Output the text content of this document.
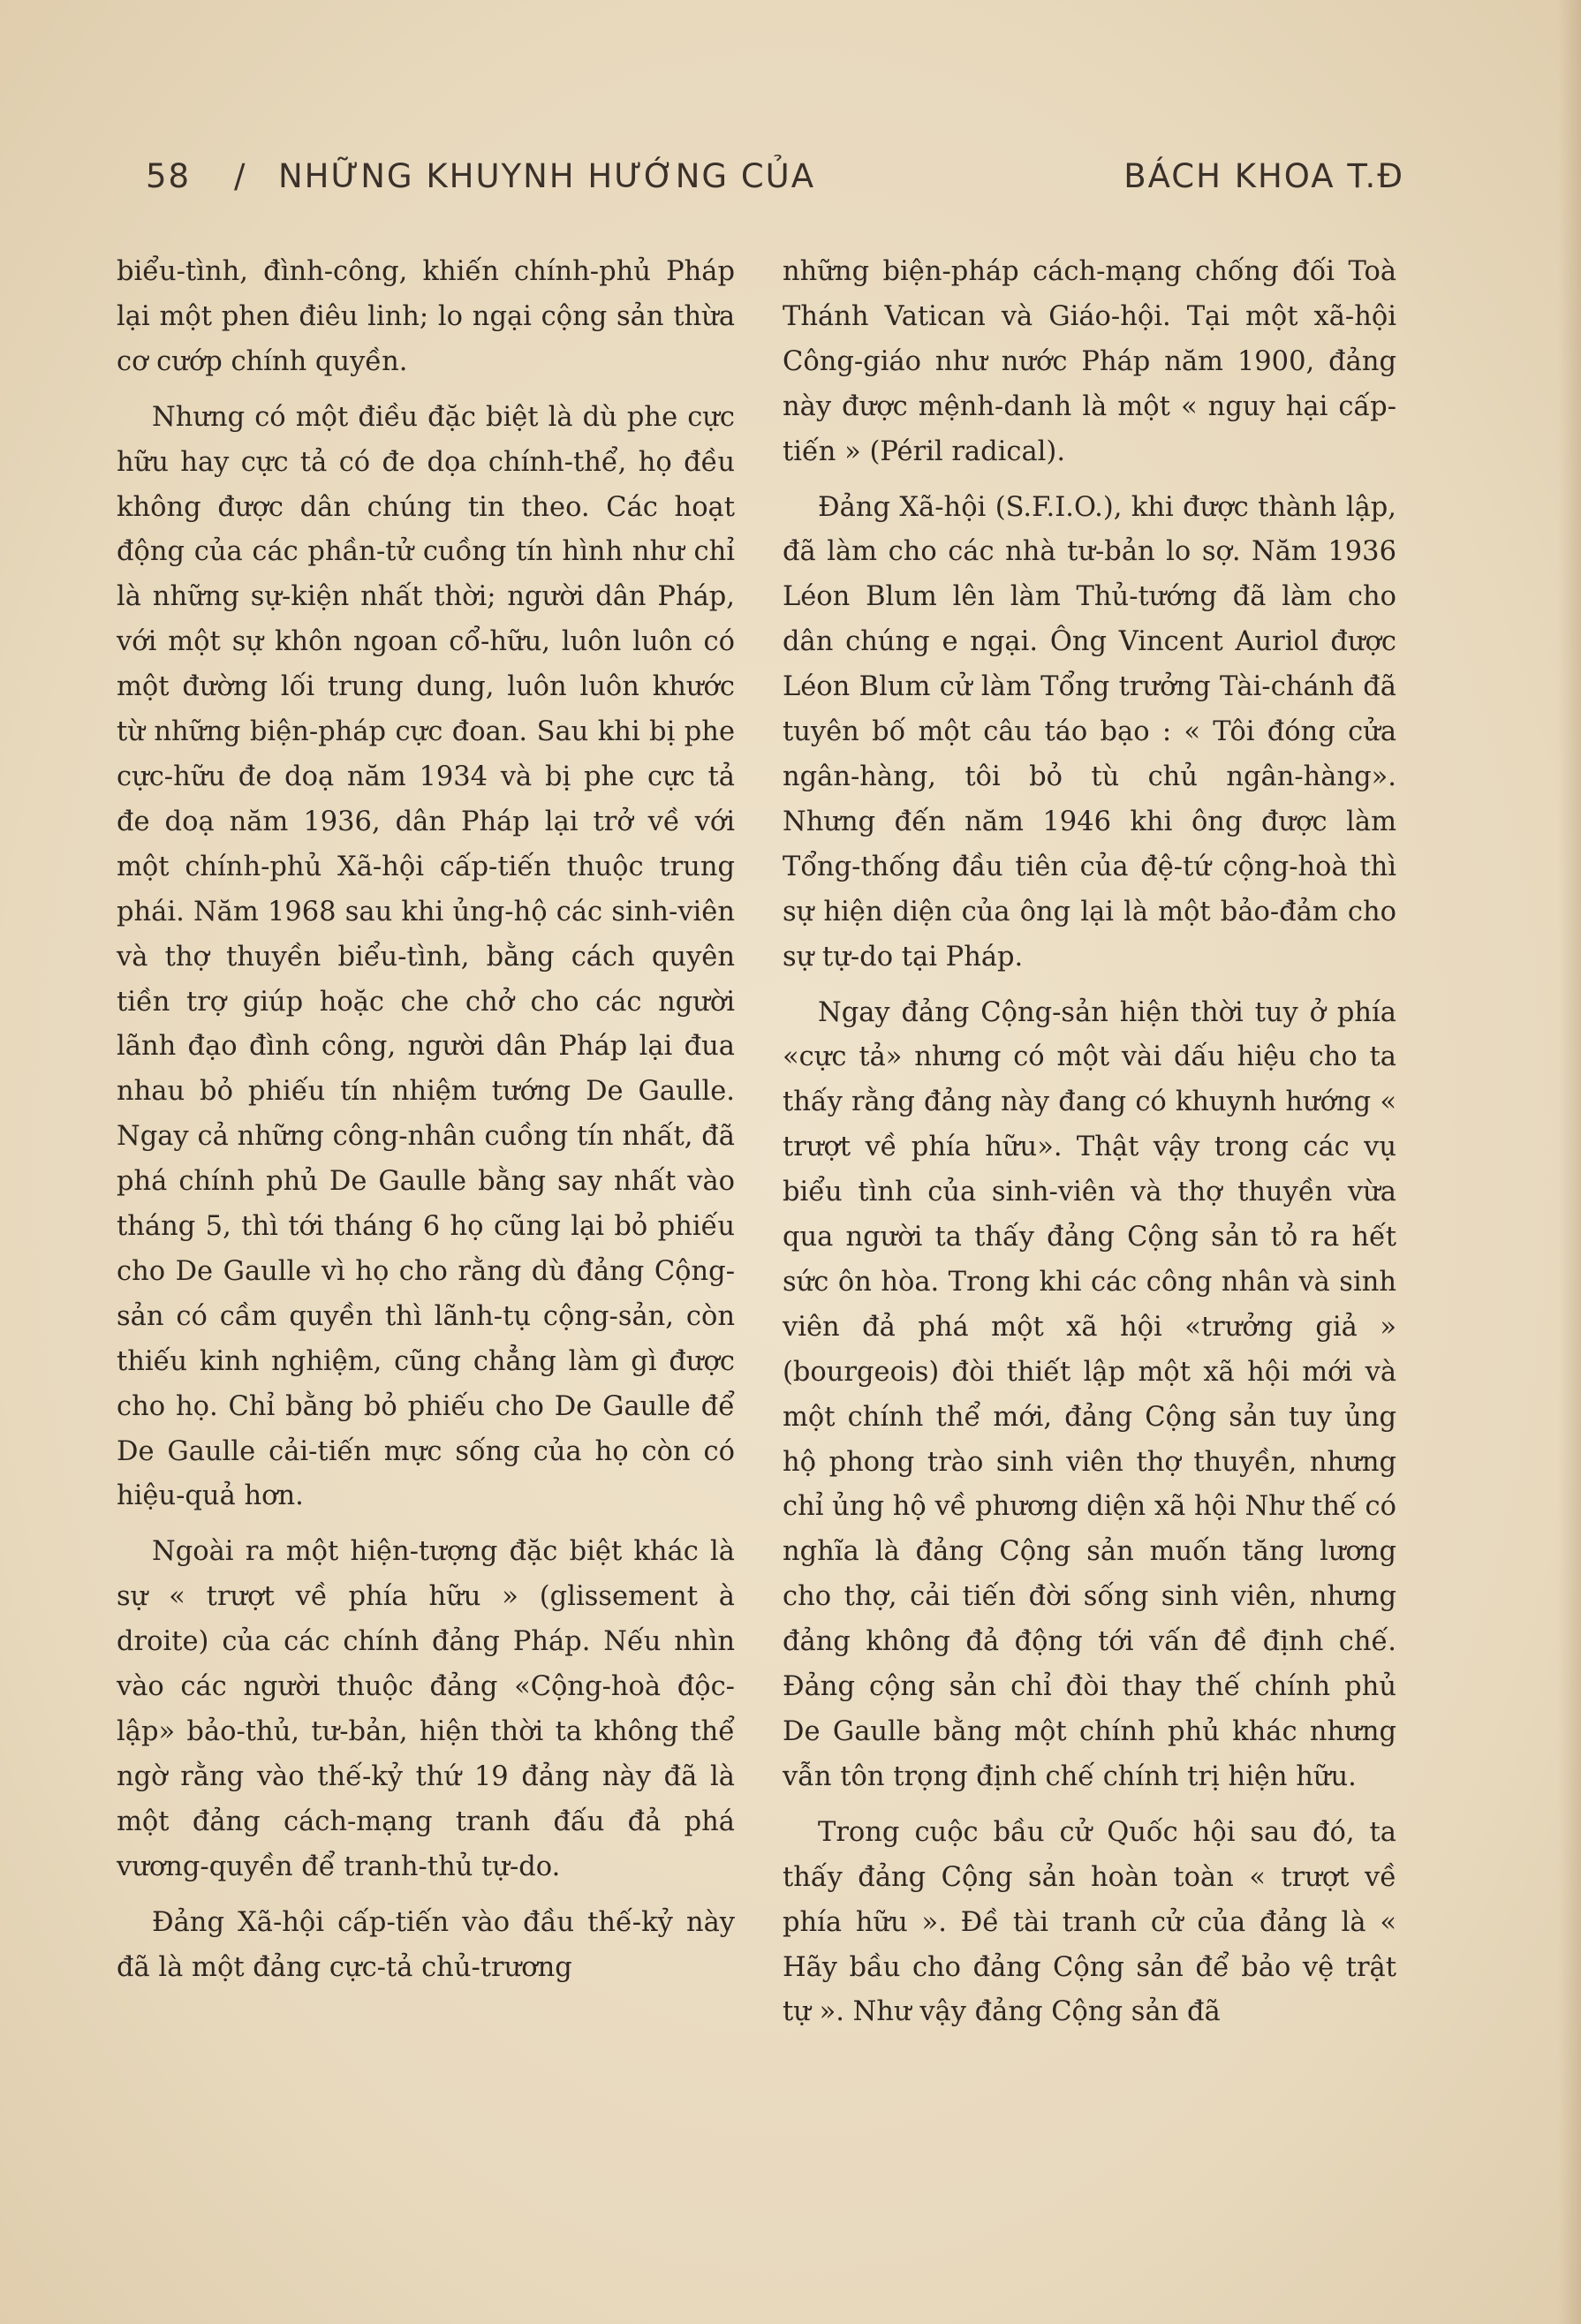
58 / NHỮNG KHUYNH HƯỚNG CỦA	BÁCH KHOA T.Đ

biểu-tình, đình-công, khiến chính-phủ Pháp lại một phen điêu linh; lo ngại cộng sản thừa cơ cướp chính quyền.

Nhưng có một điều đặc biệt là dù phe cực hữu hay cực tả có đe dọa chính-thể, họ đều không được dân chúng tin theo. Các hoạt động của các phần-tử cuồng tín hình như chỉ là những sự-kiện nhất thời; người dân Pháp, với một sự khôn ngoan cổ-hữu, luôn luôn có một đường lối trung dung, luôn luôn khước từ những biện-pháp cực đoan. Sau khi bị phe cực-hữu đe doạ năm 1934 và bị phe cực tả đe doạ năm 1936, dân Pháp lại trở về với một chính-phủ Xã-hội cấp-tiến thuộc trung phái. Năm 1968 sau khi ủng-hộ các sinh-viên và thợ thuyền biểu-tình, bằng cách quyên tiền trợ giúp hoặc che chở cho các người lãnh đạo đình công, người dân Pháp lại đua nhau bỏ phiếu tín nhiệm tướng De Gaulle. Ngay cả những công-nhân cuồng tín nhất, đã phá chính phủ De Gaulle bằng say nhất vào tháng 5, thì tới tháng 6 họ cũng lại bỏ phiếu cho De Gaulle vì họ cho rằng dù đảng Cộng-sản có cầm quyền thì lãnh-tụ cộng-sản, còn thiếu kinh nghiệm, cũng chẳng làm gì được cho họ. Chỉ bằng bỏ phiếu cho De Gaulle để De Gaulle cải-tiến mực sống của họ còn có hiệu-quả hơn.

Ngoài ra một hiện-tượng đặc biệt khác là sự « trượt về phía hữu » (glissement à droite) của các chính đảng Pháp. Nếu nhìn vào các người thuộc đảng «Cộng-hoà độc-lập» bảo-thủ, tư-bản, hiện thời ta không thể ngờ rằng vào thế-kỷ thứ 19 đảng này đã là một đảng cách-mạng tranh đấu đả phá vương-quyền để tranh-thủ tự-do.

Đảng Xã-hội cấp-tiến vào đầu thế-kỷ này đã là một đảng cực-tả chủ-trương

những biện-pháp cách-mạng chống đối Toà Thánh Vatican và Giáo-hội. Tại một xã-hội Công-giáo như nước Pháp năm 1900, đảng này được mệnh-danh là một « nguy hại cấp-tiến » (Péril radical).

Đảng Xã-hội (S.F.I.O.), khi được thành lập, đã làm cho các nhà tư-bản lo sợ. Năm 1936 Léon Blum lên làm Thủ-tướng đã làm cho dân chúng e ngại. Ông Vincent Auriol được Léon Blum cử làm Tổng trưởng Tài-chánh đã tuyên bố một câu táo bạo : « Tôi đóng cửa ngân-hàng, tôi bỏ tù chủ ngân-hàng». Nhưng đến năm 1946 khi ông được làm Tổng-thống đầu tiên của đệ-tứ cộng-hoà thì sự hiện diện của ông lại là một bảo-đảm cho sự tự-do tại Pháp.

Ngay đảng Cộng-sản hiện thời tuy ở phía «cực tả» nhưng có một vài dấu hiệu cho ta thấy rằng đảng này đang có khuynh hướng « trượt về phía hữu». Thật vậy trong các vụ biểu tình của sinh-viên và thợ thuyền vừa qua người ta thấy đảng Cộng sản tỏ ra hết sức ôn hòa. Trong khi các công nhân và sinh viên đả phá một xã hội «trưởng giả » (bourgeois) đòi thiết lập một xã hội mới và một chính thể mới, đảng Cộng sản tuy ủng hộ phong trào sinh viên thợ thuyền, nhưng chỉ ủng hộ về phương diện xã hội Như thế có nghĩa là đảng Cộng sản muốn tăng lương cho thợ, cải tiến đời sống sinh viên, nhưng đảng không đả động tới vấn đề định chế. Đảng cộng sản chỉ đòi thay thế chính phủ De Gaulle bằng một chính phủ khác nhưng vẫn tôn trọng định chế chính trị hiện hữu.

Trong cuộc bầu cử Quốc hội sau đó, ta thấy đảng Cộng sản hoàn toàn « trượt về phía hữu ». Đề tài tranh cử của đảng là « Hãy bầu cho đảng Cộng sản để bảo vệ trật tự ». Như vậy đảng Cộng sản đã
